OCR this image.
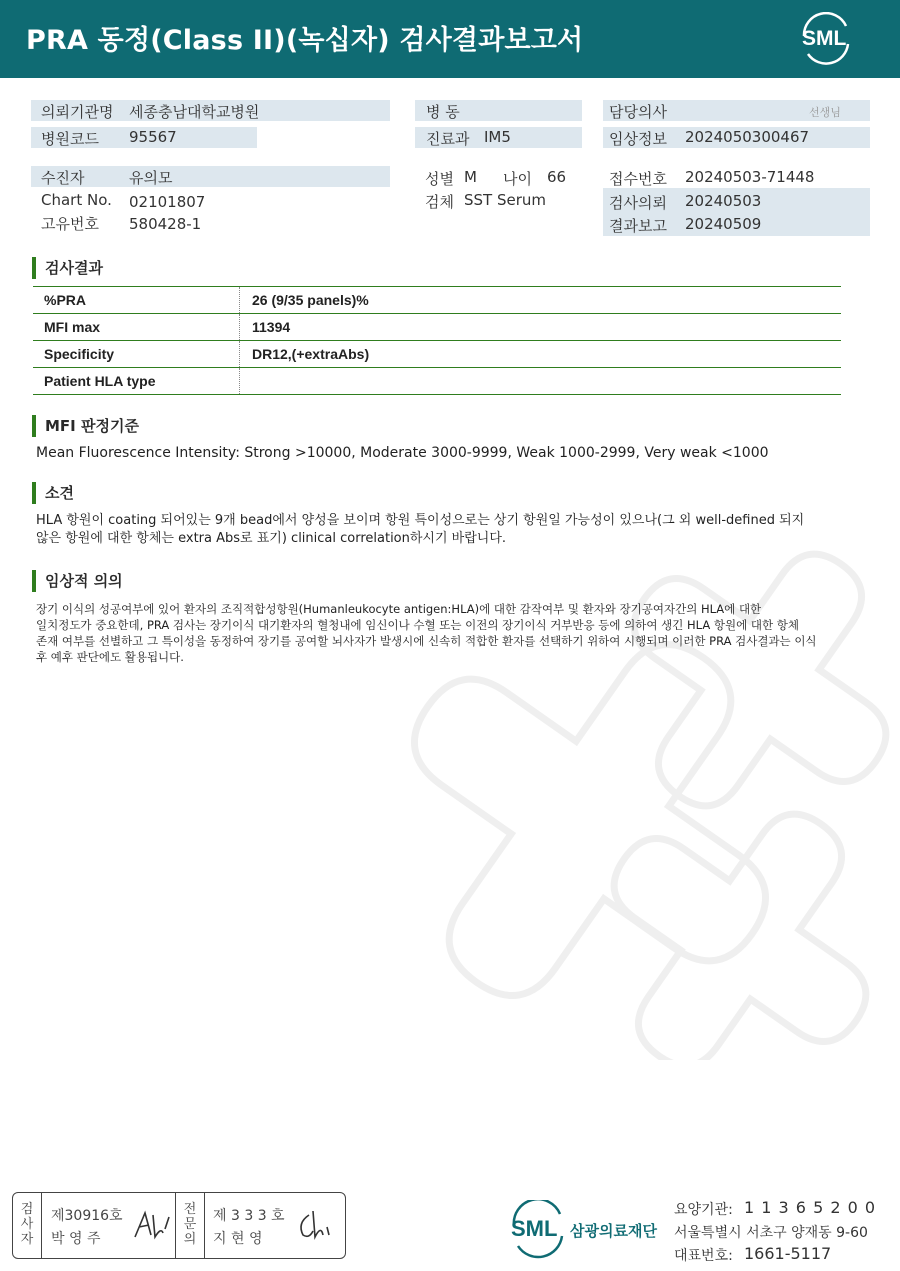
PRA 동정(Class II)(녹십자) 검사결과보고서	SML
의뢰기관명 세종충남대학교병원
병원코드 95567
병 동
진료과 IM5
담당의사	선생님
임상정보 2024050300467
수진자	유의모
Chart No. 02101807
고유번호 580428-1
성별 M 나이 66
검체 SST Serum
접수번호 20240503-71448
검사의뢰 20240503
결과보고 20240509
검사결과
%PRA	26 (9/35 panels)%
MFI max	11394
Specificity	DR12,(+extraAbs)
Patient HLA type	
MFI 판정기준
Mean Fluorescence Intensity: Strong >10000, Moderate 3000-9999, Weak 1000-2999, Very weak <1000
소견
HLA 항원이 coating 되어있는 9개 bead에서 양성을 보이며 항원 특이성으로는 상기 항원일 가능성이 있으나(그 외 well-defined 되지
않은 항원에 대한 항체는 extra Abs로 표기) clinical correlation하시기 바랍니다.
임상적 의의
장기 이식의 성공여부에 있어 환자의 조직적합성항원(Humanleukocyte antigen:HLA)에 대한 감작여부 및 환자와 장기공여자간의 HLA에 대한
일치정도가 중요한데, PRA 검사는 장기이식 대기환자의 혈청내에 임신이나 수혈 또는 이전의 장기이식 거부반응 등에 의하여 생긴 HLA 항원에 대한 항체
존재 여부를 선별하고 그 특이성을 동정하여 장기를 공여할 뇌사자가 발생시에 신속히 적합한 환자를 선택하기 위하여 시행되며 이러한 PRA 검사결과는 이식
후 예후 판단에도 활용됩니다.
검
사
자
제30916호
박 영 주
전
문
의
제 3 3 3 호
지 현 영	SML 삼광의료재단
요양기관: 1 1 3 6 5 2 0 0
서울특별시 서초구 양재동 9-60
대표번호: 1661-5117
